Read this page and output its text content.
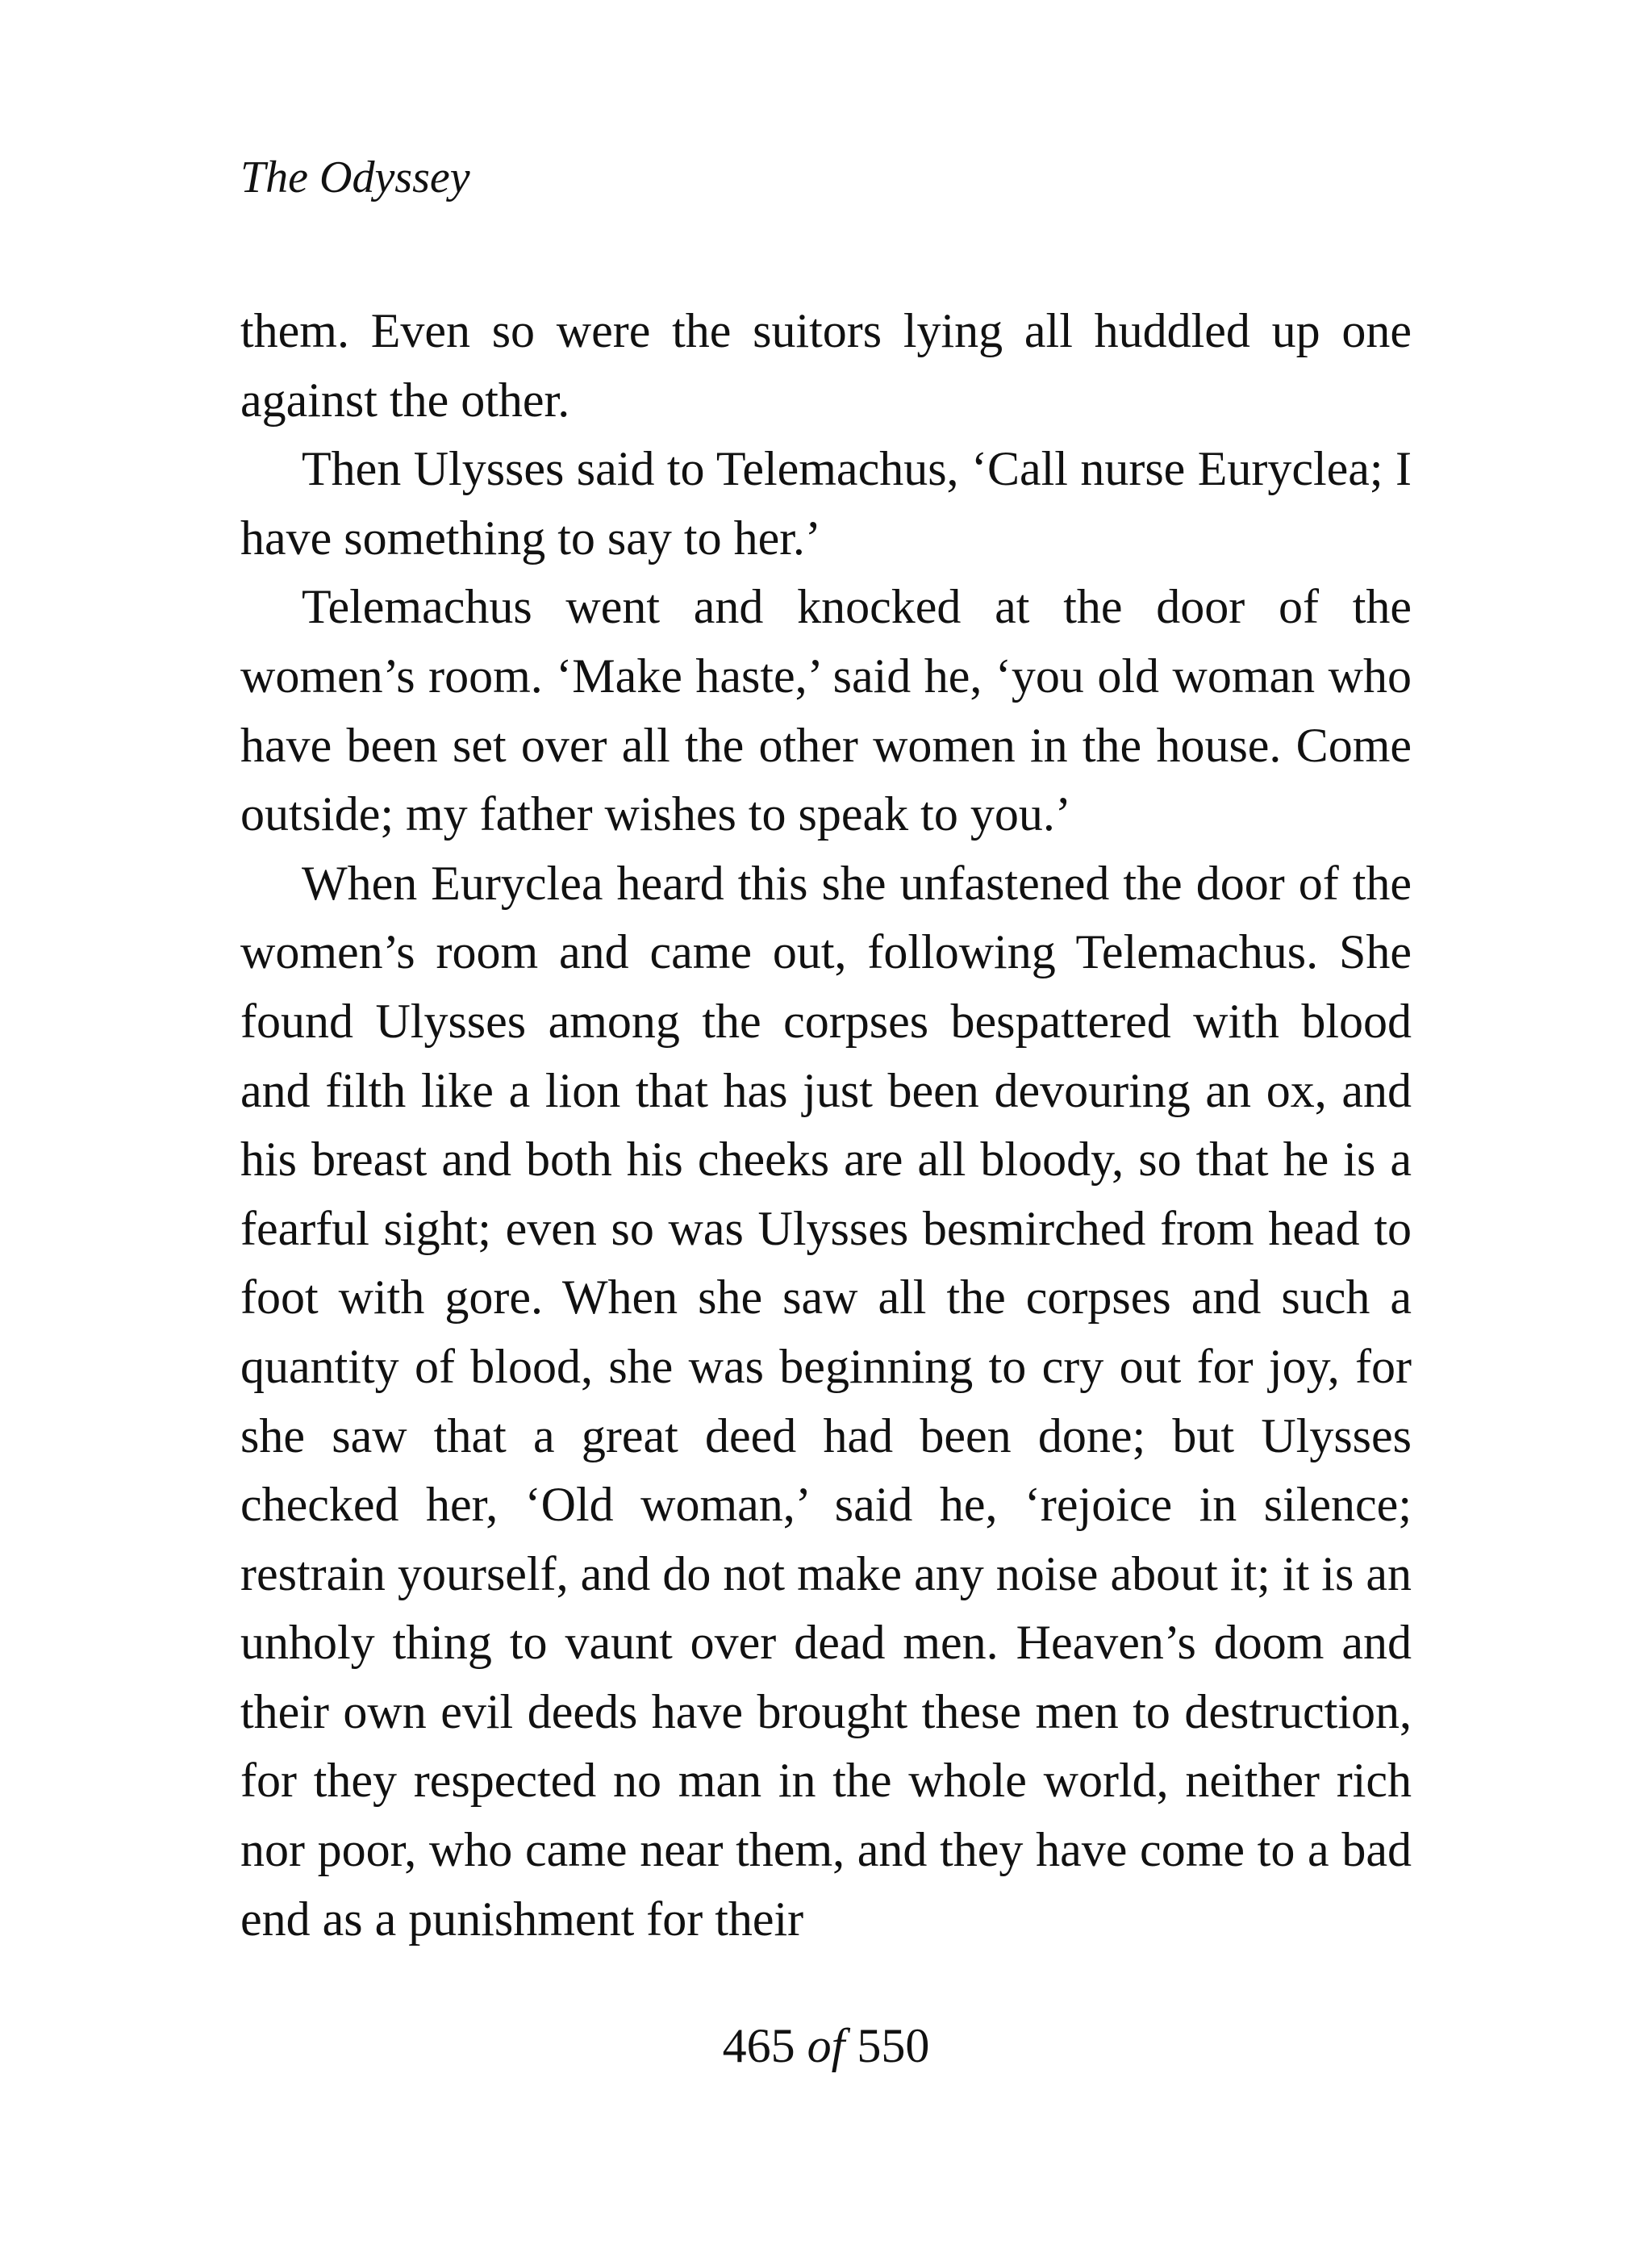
The Odyssey

them. Even so were the suitors lying all huddled up one against the other.

Then Ulysses said to Telemachus, ‘Call nurse Euryclea; I have something to say to her.’

Telemachus went and knocked at the door of the women’s room. ‘Make haste,’ said he, ‘you old woman who have been set over all the other women in the house. Come outside; my father wishes to speak to you.’

When Euryclea heard this she unfastened the door of the women’s room and came out, following Telemachus. She found Ulysses among the corpses bespattered with blood and filth like a lion that has just been devouring an ox, and his breast and both his cheeks are all bloody, so that he is a fearful sight; even so was Ulysses besmirched from head to foot with gore. When she saw all the corpses and such a quantity of blood, she was beginning to cry out for joy, for she saw that a great deed had been done; but Ulysses checked her, ‘Old woman,’ said he, ‘rejoice in silence; restrain yourself, and do not make any noise about it; it is an unholy thing to vaunt over dead men. Heaven’s doom and their own evil deeds have brought these men to destruction, for they respected no man in the whole world, neither rich nor poor, who came near them, and they have come to a bad end as a punishment for their

465 of 550
